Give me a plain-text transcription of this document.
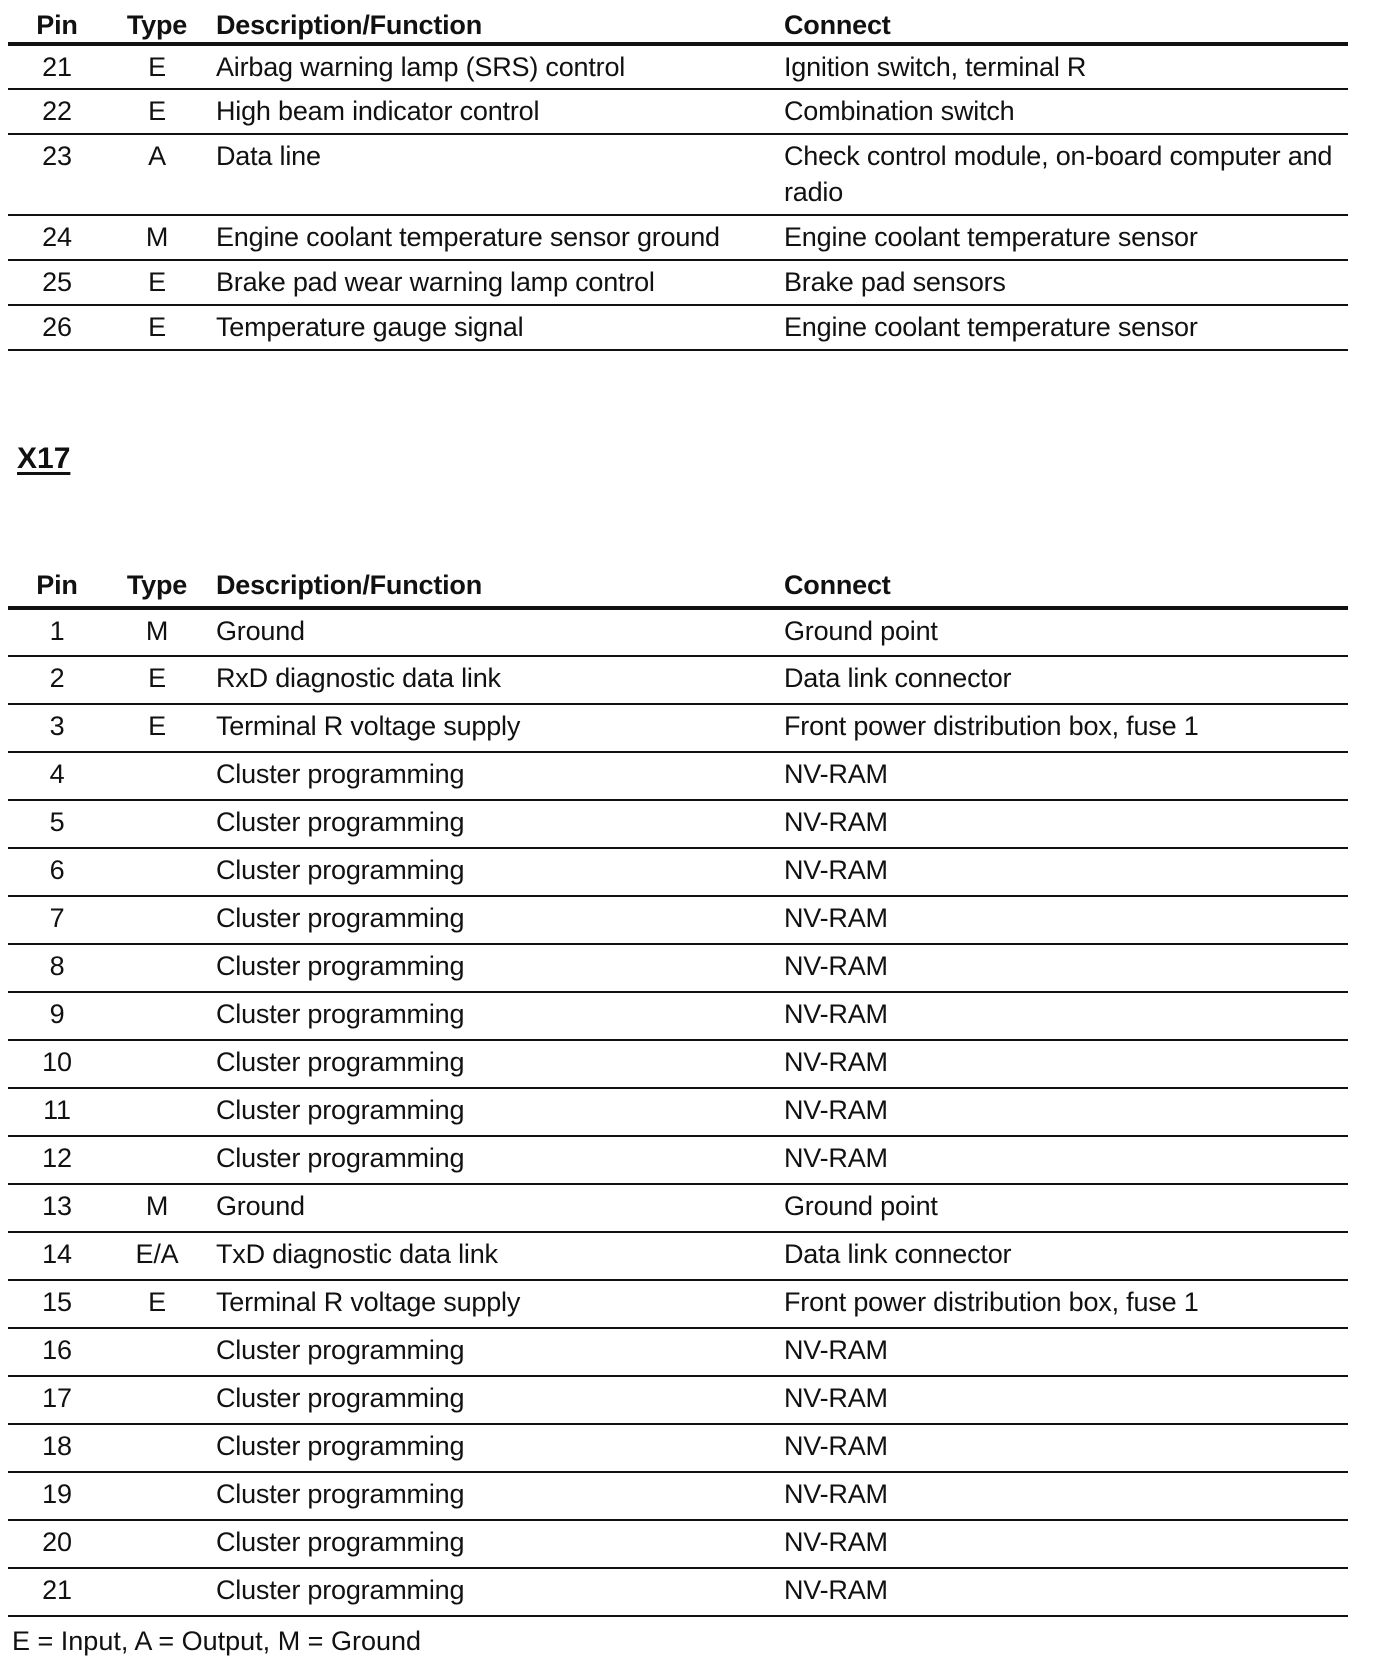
Pin	Type	Description/Function	Connect
21	E	Airbag warning lamp (SRS) control	Ignition switch, terminal R
22	E	High beam indicator control	Combination switch
23	A	Data line	Check control module, on-board computer and radio
24	M	Engine coolant temperature sensor ground	Engine coolant temperature sensor
25	E	Brake pad wear warning lamp control	Brake pad sensors
26	E	Temperature gauge signal	Engine coolant temperature sensor
X17
Pin	Type	Description/Function	Connect
1	M	Ground	Ground point
2	E	RxD diagnostic data link	Data link connector
3	E	Terminal R voltage supply	Front power distribution box, fuse 1
4		Cluster programming	NV-RAM
5		Cluster programming	NV-RAM
6		Cluster programming	NV-RAM
7		Cluster programming	NV-RAM
8		Cluster programming	NV-RAM
9		Cluster programming	NV-RAM
10		Cluster programming	NV-RAM
11		Cluster programming	NV-RAM
12		Cluster programming	NV-RAM
13	M	Ground	Ground point
14	E/A	TxD diagnostic data link	Data link connector
15	E	Terminal R voltage supply	Front power distribution box, fuse 1
16		Cluster programming	NV-RAM
17		Cluster programming	NV-RAM
18		Cluster programming	NV-RAM
19		Cluster programming	NV-RAM
20		Cluster programming	NV-RAM
21		Cluster programming	NV-RAM

E = Input, A = Output, M = Ground
